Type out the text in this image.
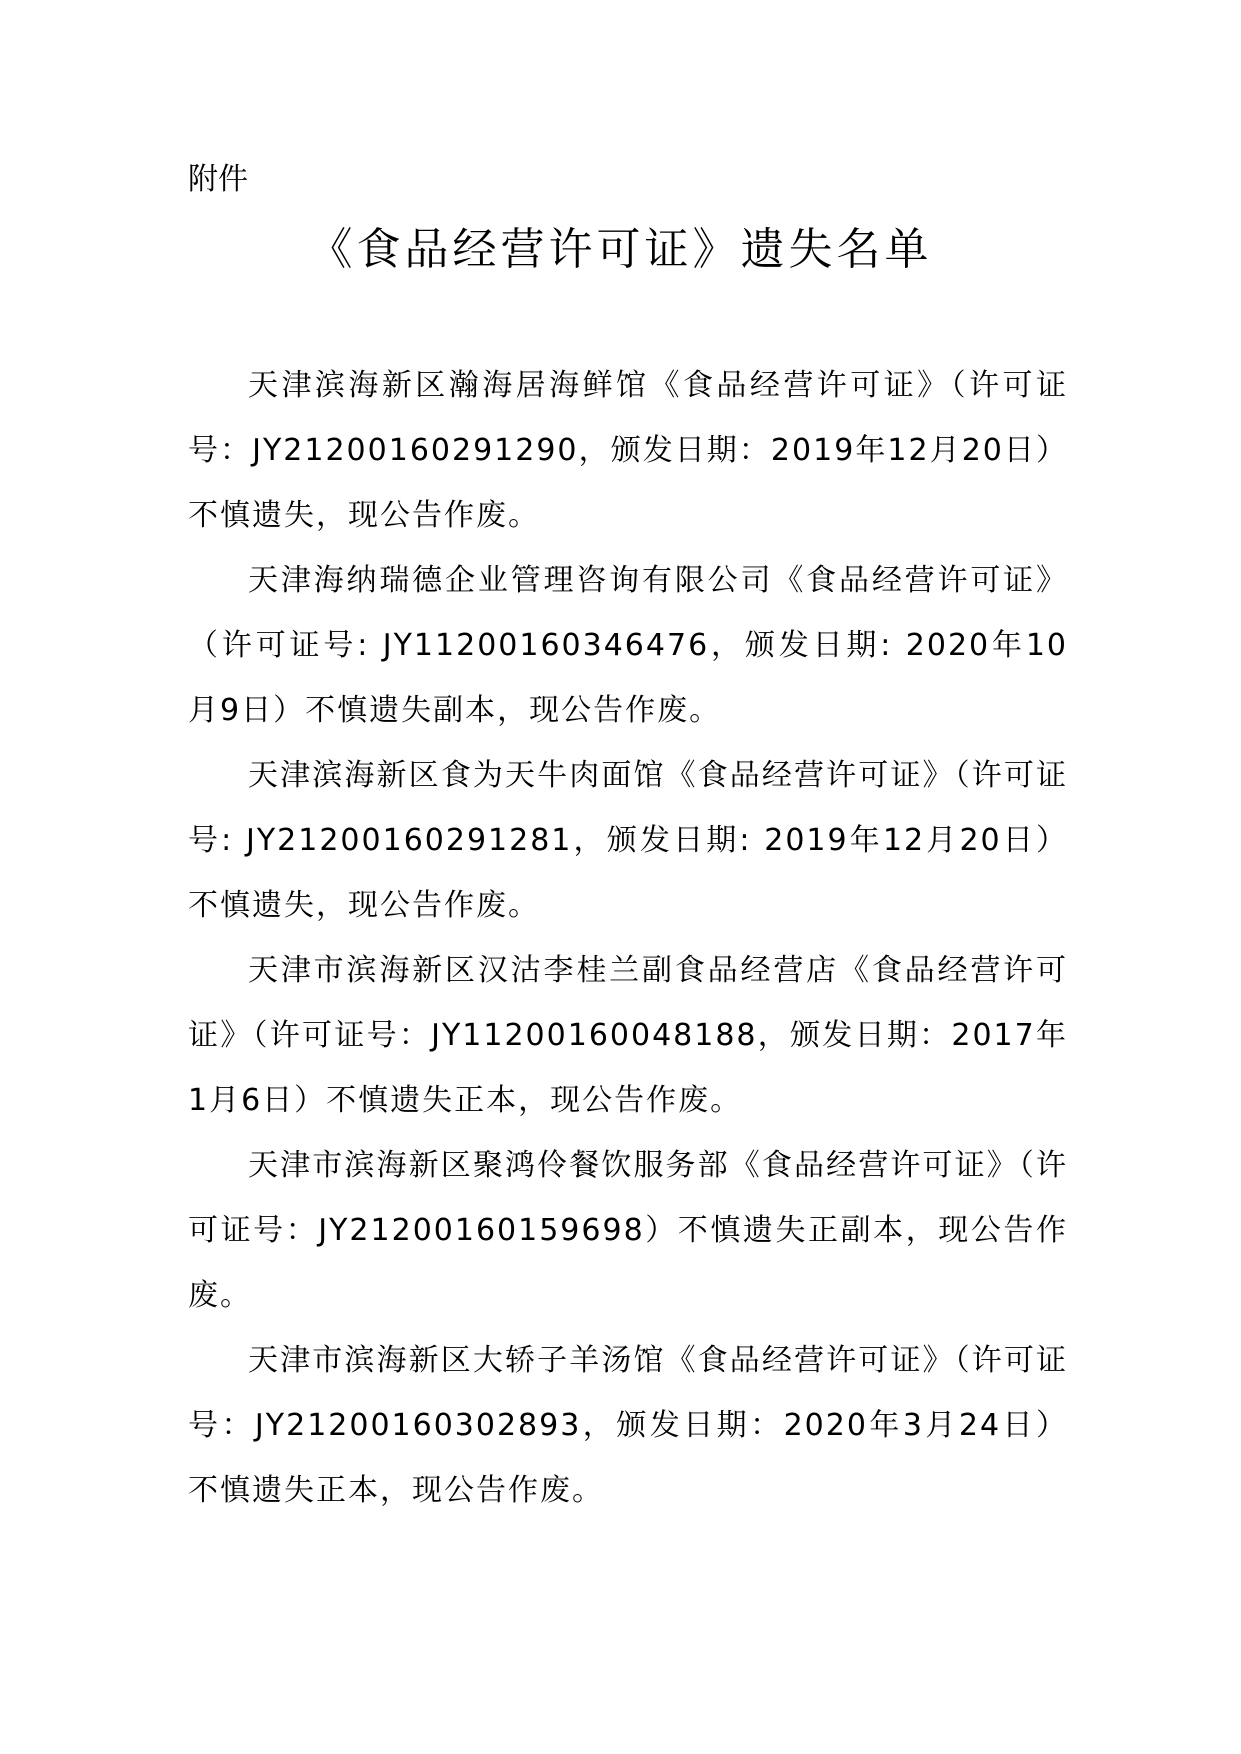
附件
《食品经营许可证》遗失名单

天津滨海新区瀚海居海鲜馆《食品经营许可证》（许可证号：JY21200160291290，颁发日期：2019年12月20日）不慎遗失，现公告作废。

天津海纳瑞德企业管理咨询有限公司《食品经营许可证》（许可证号: JY11200160346476，颁发日期: 2020年10月9日）不慎遗失副本，现公告作废。

天津滨海新区食为天牛肉面馆《食品经营许可证》（许可证号: JY21200160291281，颁发日期: 2019年12月20日）不慎遗失，现公告作废。

天津市滨海新区汉沽李桂兰副食品经营店《食品经营许可证》（许可证号：JY11200160048188，颁发日期：2017年1月6日）不慎遗失正本，现公告作废。

天津市滨海新区聚鸿伶餐饮服务部《食品经营许可证》（许可证号：JY21200160159698）不慎遗失正副本，现公告作废。

天津市滨海新区大轿子羊汤馆《食品经营许可证》（许可证号：JY21200160302893，颁发日期：2020年3月24日）不慎遗失正本，现公告作废。
